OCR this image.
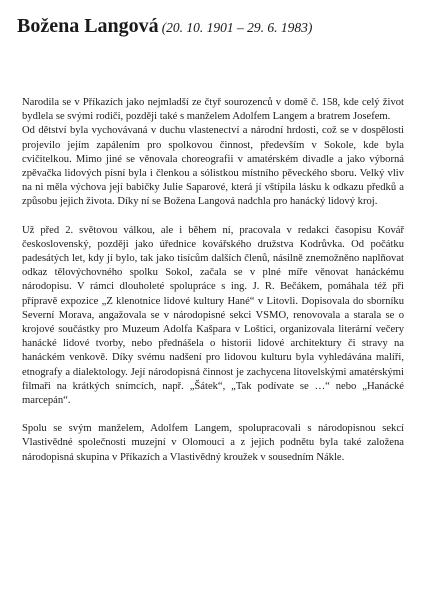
Božena Langová (20. 10. 1901 – 29. 6. 1983)

Narodila se v Příkazích jako nejmladší ze čtyř sourozenců v domě č. 158, kde celý život bydlela se svými rodiči, později také s manželem Adolfem Langem a bratrem Josefem.

Od dětství byla vychovávaná v duchu vlastenectví a národní hrdosti, což se v dospělosti projevilo jejím zapálením pro spolkovou činnost, především v Sokole, kde byla cvičitelkou. Mimo jiné se věnovala choreografii v amatérském divadle a jako výborná zpěvačka lidových písní byla i členkou a sólistkou místního pěveckého sboru. Velký vliv na ni měla výchova její babičky Julie Saparové, která jí vštípila lásku k odkazu předků a způsobu jejich života. Díky ní se Božena Langová nadchla pro hanácký lidový kroj.

Už před 2. světovou válkou, ale i během ní, pracovala v redakci časopisu Kovář československý, později jako úřednice kovářského družstva Kodrůvka. Od počátku padesátých let, kdy jí bylo, tak jako tisícům dalších členů, násilně znemožněno naplňovat odkaz tělovýchovného spolku Sokol, začala se v plné míře věnovat hanáckému národopisu. V rámci dlouholeté spolupráce s ing. J. R. Bečákem, pomáhala též při přípravě expozice „Z klenotnice lidové kultury Hané“ v Litovli. Dopisovala do sborníku Severní Morava, angažovala se v národopisné sekci VSMO, renovovala a starala se o krojové součástky pro Muzeum Adolfa Kašpara v Loštici, organizovala literární večery hanácké lidové tvorby, nebo přednášela o historii lidové architektury či stravy na hanáckém venkově. Díky svému nadšení pro lidovou kulturu byla vyhledávána malíři, etnografy a dialektology. Její národopisná činnost je zachycena litovelskými amatérskými filmaři na krátkých snímcích, např. „Šátek“, „Tak podívate se …“ nebo „Hanácké marcepán“.

Spolu se svým manželem, Adolfem Langem, spolupracovali s národopisnou sekcí Vlastivědné společnosti muzejní v Olomouci a z jejich podnětu byla také založena národopisná skupina v Příkazích a Vlastivědný kroužek v sousedním Nákle.
